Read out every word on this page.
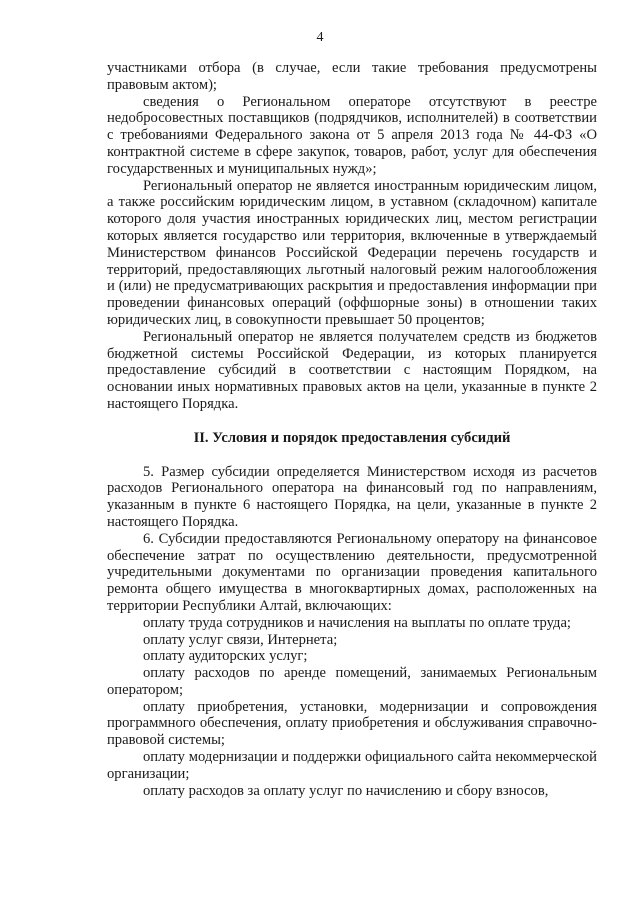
4

участниками отбора (в случае, если такие требования предусмотрены правовым актом);

сведения о Региональном операторе отсутствуют в реестре недобросовестных поставщиков (подрядчиков, исполнителей) в соответствии с требованиями Федерального закона от 5 апреля 2013 года № 44-ФЗ «О контрактной системе в сфере закупок, товаров, работ, услуг для обеспечения государственных и муниципальных нужд»;

Региональный оператор не является иностранным юридическим лицом, а также российским юридическим лицом, в уставном (складочном) капитале которого доля участия иностранных юридических лиц, местом регистрации которых является государство или территория, включенные в утверждаемый Министерством финансов Российской Федерации перечень государств и территорий, предоставляющих льготный налоговый режим налогообложения и (или) не предусматривающих раскрытия и предоставления информации при проведении финансовых операций (оффшорные зоны) в отношении таких юридических лиц, в совокупности превышает 50 процентов;

Региональный оператор не является получателем средств из бюджетов бюджетной системы Российской Федерации, из которых планируется предоставление субсидий в соответствии с настоящим Порядком, на основании иных нормативных правовых актов на цели, указанные в пункте 2 настоящего Порядка.

II. Условия и порядок предоставления субсидий

5. Размер субсидии определяется Министерством исходя из расчетов расходов Регионального оператора на финансовый год по направлениям, указанным в пункте 6 настоящего Порядка, на цели, указанные в пункте 2 настоящего Порядка.

6. Субсидии предоставляются Региональному оператору на финансовое обеспечение затрат по осуществлению деятельности, предусмотренной учредительными документами по организации проведения капитального ремонта общего имущества в многоквартирных домах, расположенных на территории Республики Алтай, включающих:

оплату труда сотрудников и начисления на выплаты по оплате труда;

оплату услуг связи, Интернета;

оплату аудиторских услуг;

оплату расходов по аренде помещений, занимаемых Региональным оператором;

оплату приобретения, установки, модернизации и сопровождения программного обеспечения, оплату приобретения и обслуживания справочно-правовой системы;

оплату модернизации и поддержки официального сайта некоммерческой организации;

оплату расходов за оплату услуг по начислению и сбору взносов,
